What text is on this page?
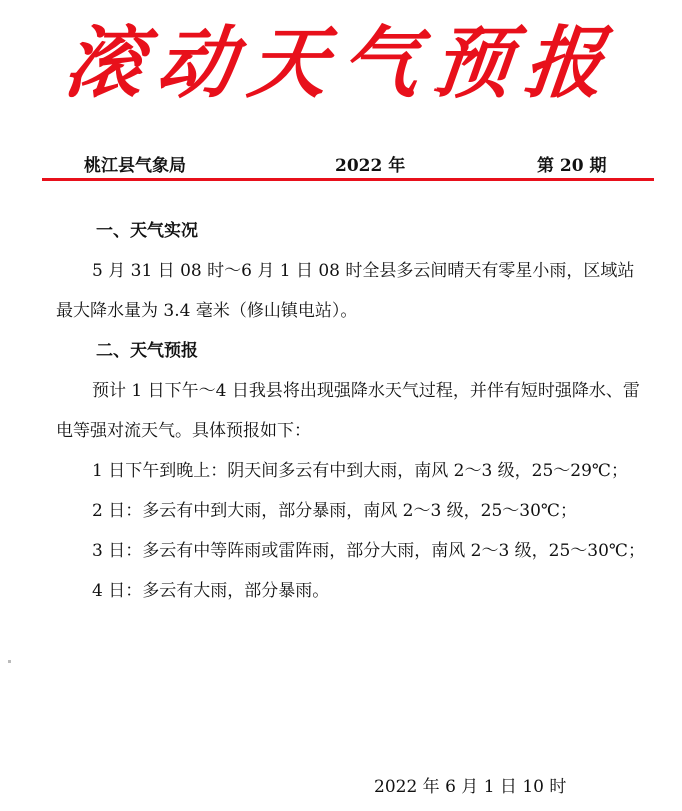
滚动天气预报
桃江县气象局	2022 年	第 20 期

一、天气实况

5 月 31 日 08 时～6 月 1 日 08 时全县多云间晴天有零星小雨，区域站最大降水量为 3.4 毫米（修山镇电站）。

二、天气预报

预计 1 日下午～4 日我县将出现强降水天气过程，并伴有短时强降水、雷电等强对流天气。具体预报如下：

1 日下午到晚上：阴天间多云有中到大雨，南风 2～3 级，25～29℃；

2 日：多云有中到大雨，部分暴雨，南风 2～3 级，25～30℃；

3 日：多云有中等阵雨或雷阵雨，部分大雨，南风 2～3 级，25～30℃；

4 日：多云有大雨，部分暴雨。

2022 年 6 月 1 日 10 时
